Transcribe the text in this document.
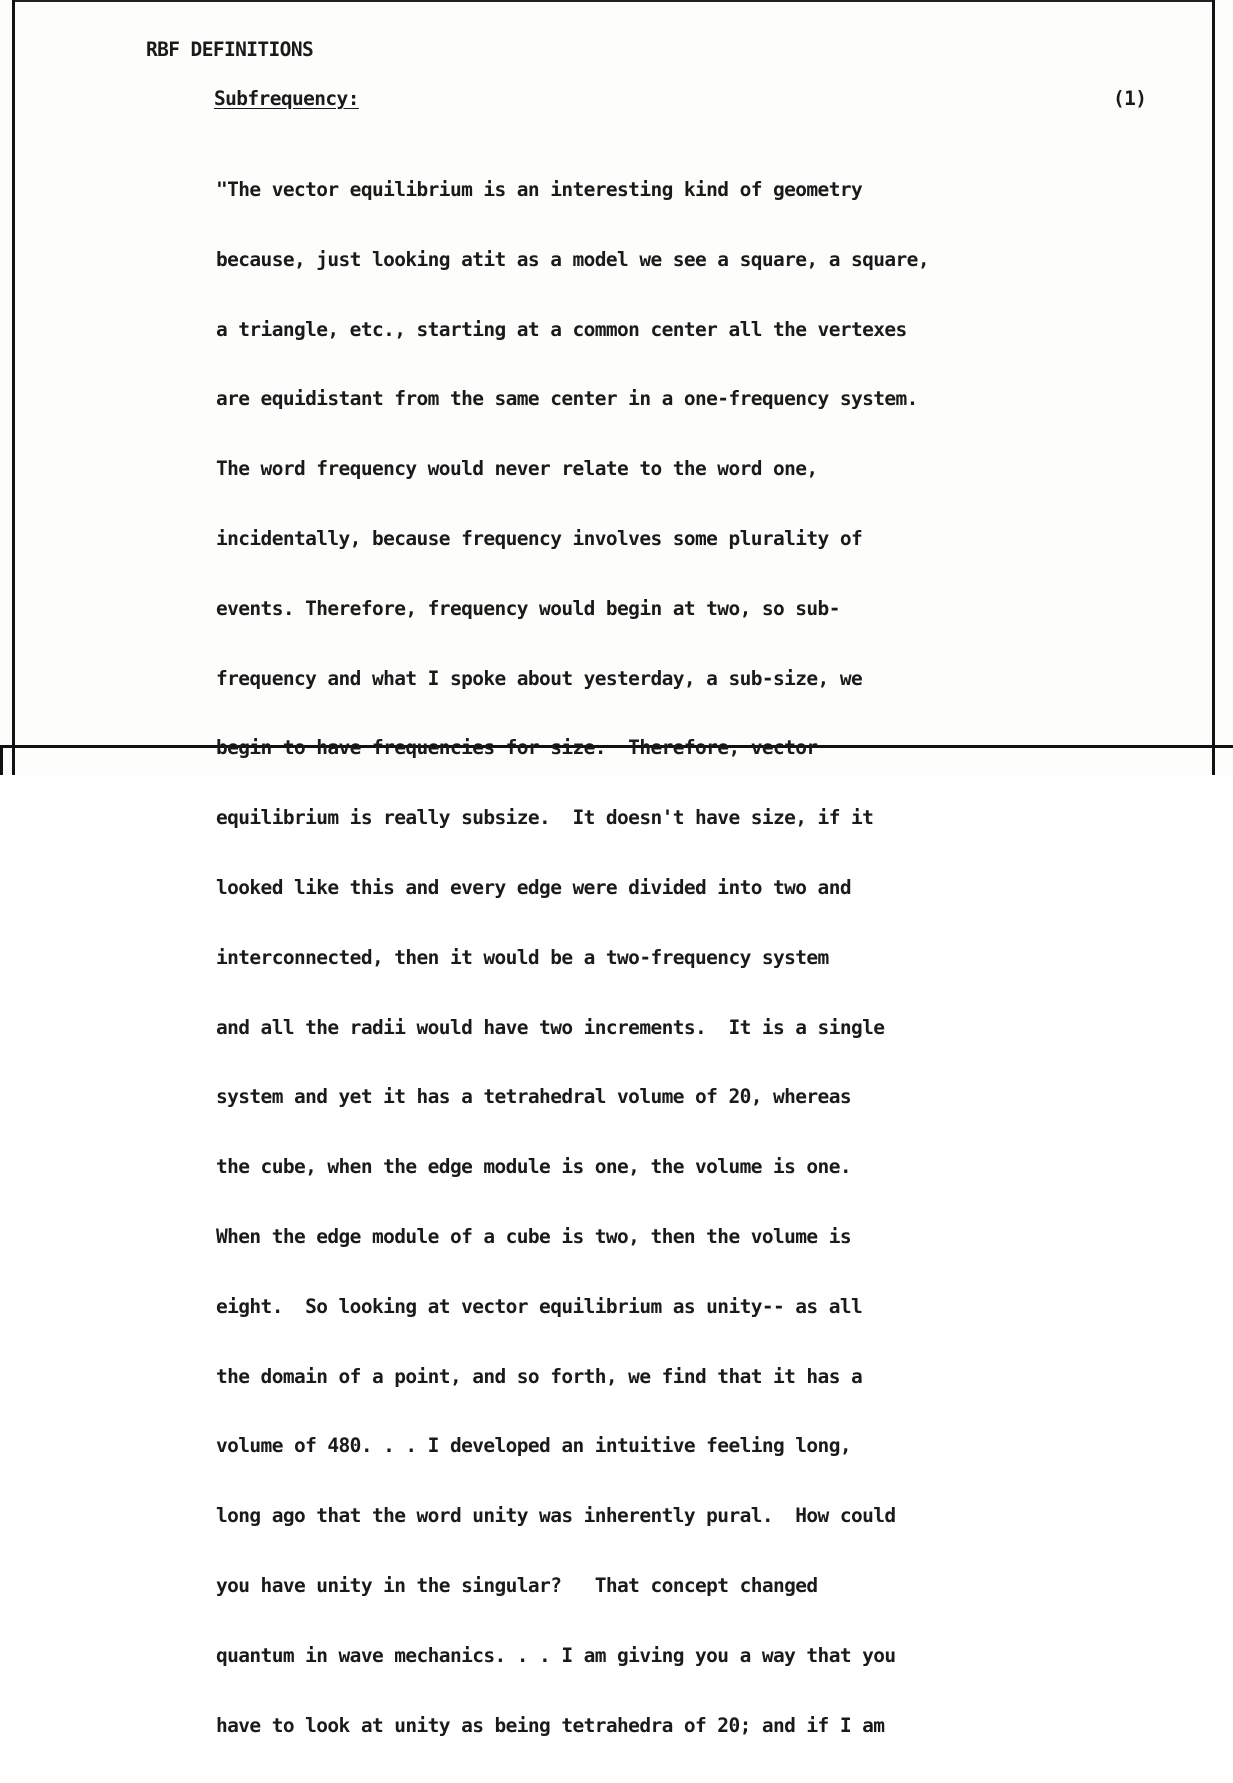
RBF DEFINITIONS
Subfrequency:	(1)

"The vector equilibrium is an interesting kind of geometry

because, just looking atit as a model we see a square, a square,

a triangle, etc., starting at a common center all the vertexes

are equidistant from the same center in a one-frequency system.

The word frequency would never relate to the word one,

incidentally, because frequency involves some plurality of

events. Therefore, frequency would begin at two, so sub-

frequency and what I spoke about yesterday, a sub-size, we

begin to have frequencies for size.  Therefore, vector

equilibrium is really subsize.  It doesn't have size, if it

looked like this and every edge were divided into two and

interconnected, then it would be a two-frequency system

and all the radii would have two increments.  It is a single

system and yet it has a tetrahedral volume of 20, whereas

the cube, when the edge module is one, the volume is one.

When the edge module of a cube is two, then the volume is

eight.  So looking at vector equilibrium as unity-- as all

the domain of a point, and so forth, we find that it has a

volume of 480. . . I developed an intuitive feeling long,

long ago that the word unity was inherently pural.  How could

you have unity in the singular?   That concept changed

quantum in wave mechanics. . . I am giving you a way that you

have to look at unity as being tetrahedra of 20; and if I am
